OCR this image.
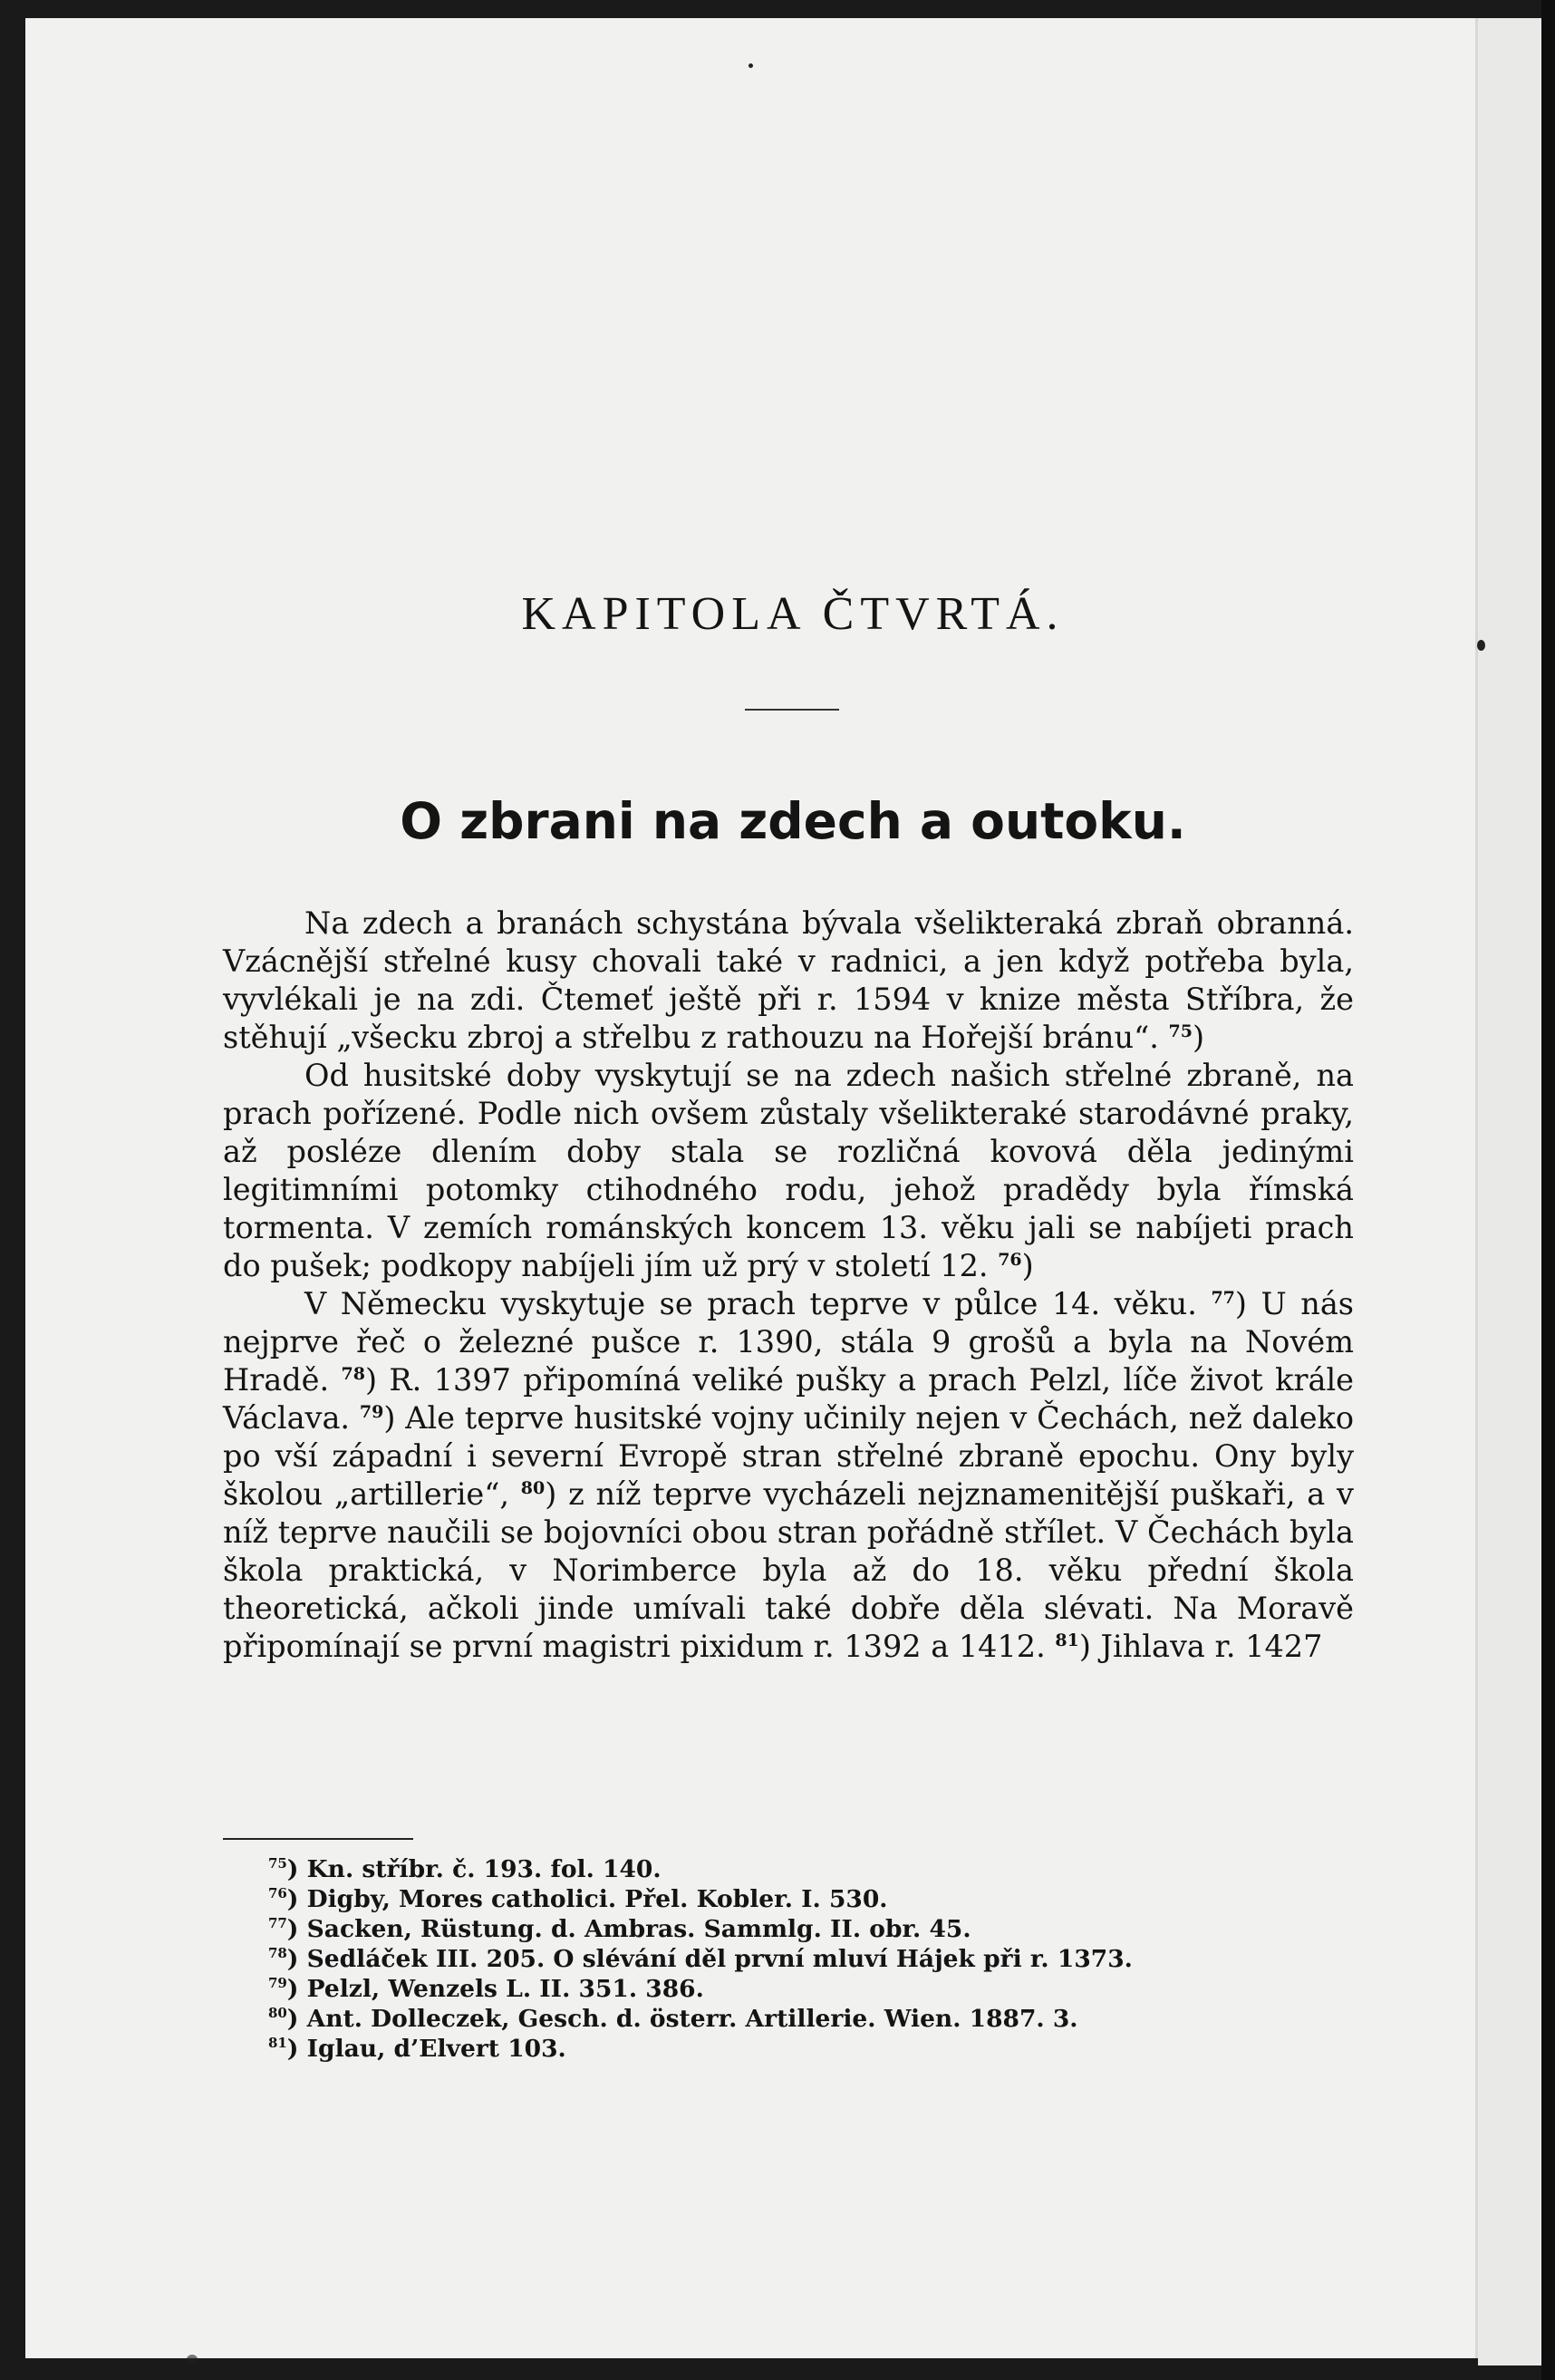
KAPITOLA ČTVRTÁ.
O zbrani na zdech a outoku.

Na zdech a branách schystána bývala všelikteraká zbraň obranná. Vzácnější střelné kusy chovali také v radnici, a jen když potřeba byla, vyvlékali je na zdi. Čtemeť ještě při r. 1594 v knize města Stříbra, že stěhují „všecku zbroj a střelbu z rathouzu na Hořejší bránu“. $^{75}$)

Od husitské doby vyskytují se na zdech našich střelné zbraně, na prach pořízené. Podle nich ovšem zůstaly všelikteraké starodávné praky, až posléze dlením doby stala se rozličná kovová děla jedinými legitimními potomky ctihodného rodu, jehož pradědy byla římská tormenta. V zemích románských koncem 13. věku jali se nabíjeti prach do pušek; podkopy nabíjeli jím už prý v století 12. $^{76}$)

V Německu vyskytuje se prach teprve v půlce 14. věku. $^{77}$) U nás nejprve řeč o železné pušce r. 1390, stála 9 grošů a byla na Novém Hradě. $^{78}$) R. 1397 připomíná veliké pušky a prach Pelzl, líče život krále Václava. $^{79}$) Ale teprve husitské vojny učinily nejen v Čechách, než daleko po vší západní i severní Evropě stran střelné zbraně epochu. Ony byly školou „artillerie“, $^{80}$) z níž teprve vycházeli nejznamenitější puškaři, a v níž teprve naučili se bojovníci obou stran pořádně střílet. V Čechách byla škola praktická, v Norimberce byla až do 18. věku přední škola theoretická, ačkoli jinde umívali také dobře děla slévati. Na Moravě připomínají se první magistri pixidum r. 1392 a 1412. $^{81}$) Jihlava r. 1427

$^{75}$) Kn. stříbr. č. 193. fol. 140.
$^{76}$) Digby, Mores catholici. Přel. Kobler. I. 530.
$^{77}$) Sacken, Rüstung. d. Ambras. Sammlg. II. obr. 45.
$^{78}$) Sedláček III. 205. O slévání děl první mluví Hájek při r. 1373.
$^{79}$) Pelzl, Wenzels L. II. 351. 386.
$^{80}$) Ant. Dolleczek, Gesch. d. österr. Artillerie. Wien. 1887. 3.
$^{81}$) Iglau, d’Elvert 103.
